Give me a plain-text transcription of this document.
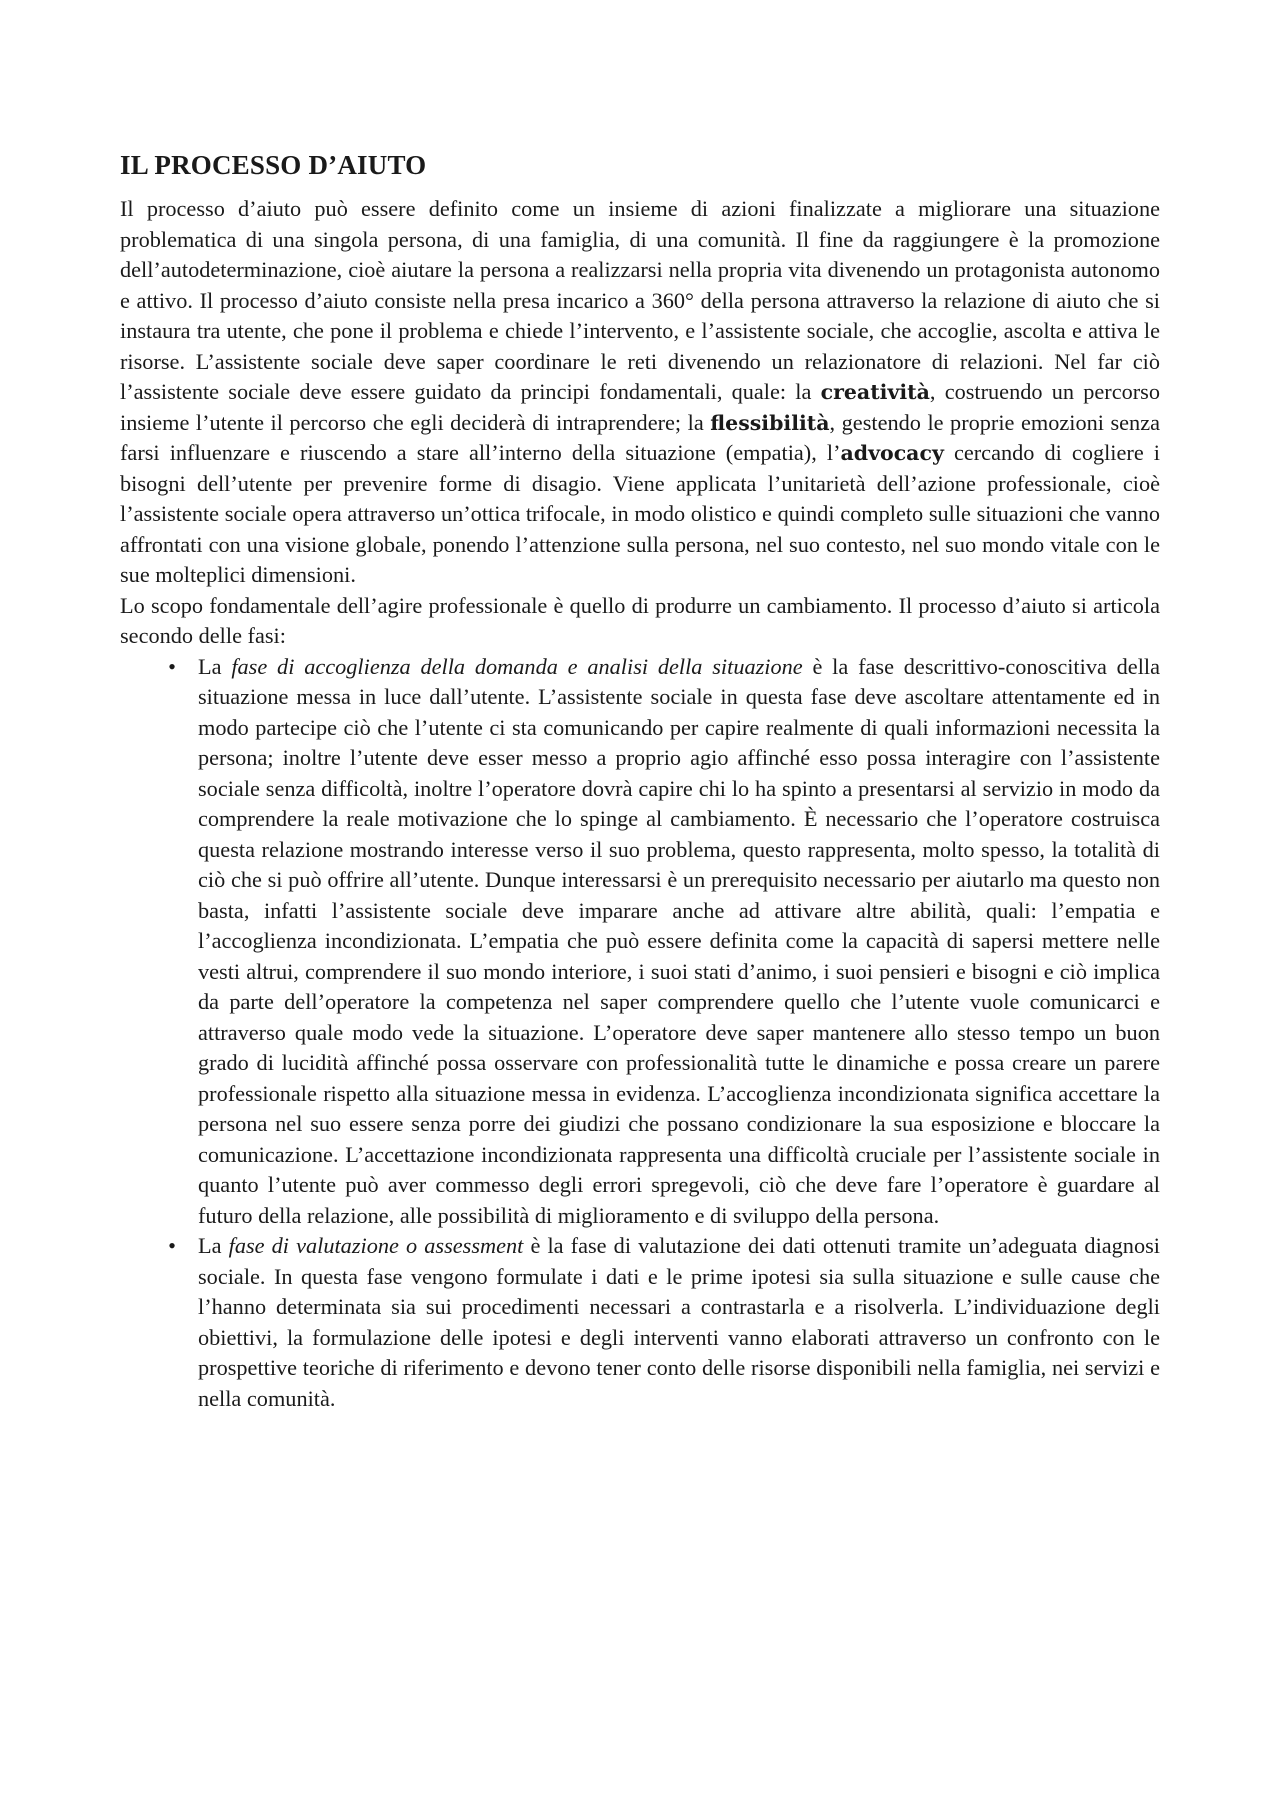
IL PROCESSO D’AIUTO

Il processo d’aiuto può essere definito come un insieme di azioni finalizzate a migliorare una situazione problematica di una singola persona, di una famiglia, di una comunità. Il fine da raggiungere è la promozione dell’autodeterminazione, cioè aiutare la persona a realizzarsi nella propria vita divenendo un protagonista autonomo e attivo. Il processo d’aiuto consiste nella presa incarico a 360° della persona attraverso la relazione di aiuto che si instaura tra utente, che pone il problema e chiede l’intervento, e l’assistente sociale, che accoglie, ascolta e attiva le risorse. L’assistente sociale deve saper coordinare le reti divenendo un relazionatore di relazioni. Nel far ciò l’assistente sociale deve essere guidato da principi fondamentali, quale: la creatività, costruendo un percorso insieme l’utente il percorso che egli deciderà di intraprendere; la flessibilità, gestendo le proprie emozioni senza farsi influenzare e riuscendo a stare all’interno della situazione (empatia), l’advocacy cercando di cogliere i bisogni dell’utente per prevenire forme di disagio. Viene applicata l’unitarietà dell’azione professionale, cioè l’assistente sociale opera attraverso un’ottica trifocale, in modo olistico e quindi completo sulle situazioni che vanno affrontati con una visione globale, ponendo l’attenzione sulla persona, nel suo contesto, nel suo mondo vitale con le sue molteplici dimensioni.

Lo scopo fondamentale dell’agire professionale è quello di produrre un cambiamento. Il processo d’aiuto si articola secondo delle fasi:

• La fase di accoglienza della domanda e analisi della situazione è la fase descrittivo-conoscitiva della situazione messa in luce dall’utente. L’assistente sociale in questa fase deve ascoltare attentamente ed in modo partecipe ciò che l’utente ci sta comunicando per capire realmente di quali informazioni necessita la persona; inoltre l’utente deve esser messo a proprio agio affinché esso possa interagire con l’assistente sociale senza difficoltà, inoltre l’operatore dovrà capire chi lo ha spinto a presentarsi al servizio in modo da comprendere la reale motivazione che lo spinge al cambiamento. È necessario che l’operatore costruisca questa relazione mostrando interesse verso il suo problema, questo rappresenta, molto spesso, la totalità di ciò che si può offrire all’utente. Dunque interessarsi è un prerequisito necessario per aiutarlo ma questo non basta, infatti l’assistente sociale deve imparare anche ad attivare altre abilità, quali: l’empatia e l’accoglienza incondizionata. L’empatia che può essere definita come la capacità di sapersi mettere nelle vesti altrui, comprendere il suo mondo interiore, i suoi stati d’animo, i suoi pensieri e bisogni e ciò implica da parte dell’operatore la competenza nel saper comprendere quello che l’utente vuole comunicarci e attraverso quale modo vede la situazione. L’operatore deve saper mantenere allo stesso tempo un buon grado di lucidità affinché possa osservare con professionalità tutte le dinamiche e possa creare un parere professionale rispetto alla situazione messa in evidenza. L’accoglienza incondizionata significa accettare la persona nel suo essere senza porre dei giudizi che possano condizionare la sua esposizione e bloccare la comunicazione. L’accettazione incondizionata rappresenta una difficoltà cruciale per l’assistente sociale in quanto l’utente può aver commesso degli errori spregevoli, ciò che deve fare l’operatore è guardare al futuro della relazione, alle possibilità di miglioramento e di sviluppo della persona.
• La fase di valutazione o assessment è la fase di valutazione dei dati ottenuti tramite un’adeguata diagnosi sociale. In questa fase vengono formulate i dati e le prime ipotesi sia sulla situazione e sulle cause che l’hanno determinata sia sui procedimenti necessari a contrastarla e a risolverla. L’individuazione degli obiettivi, la formulazione delle ipotesi e degli interventi vanno elaborati attraverso un confronto con le prospettive teoriche di riferimento e devono tener conto delle risorse disponibili nella famiglia, nei servizi e nella comunità.
